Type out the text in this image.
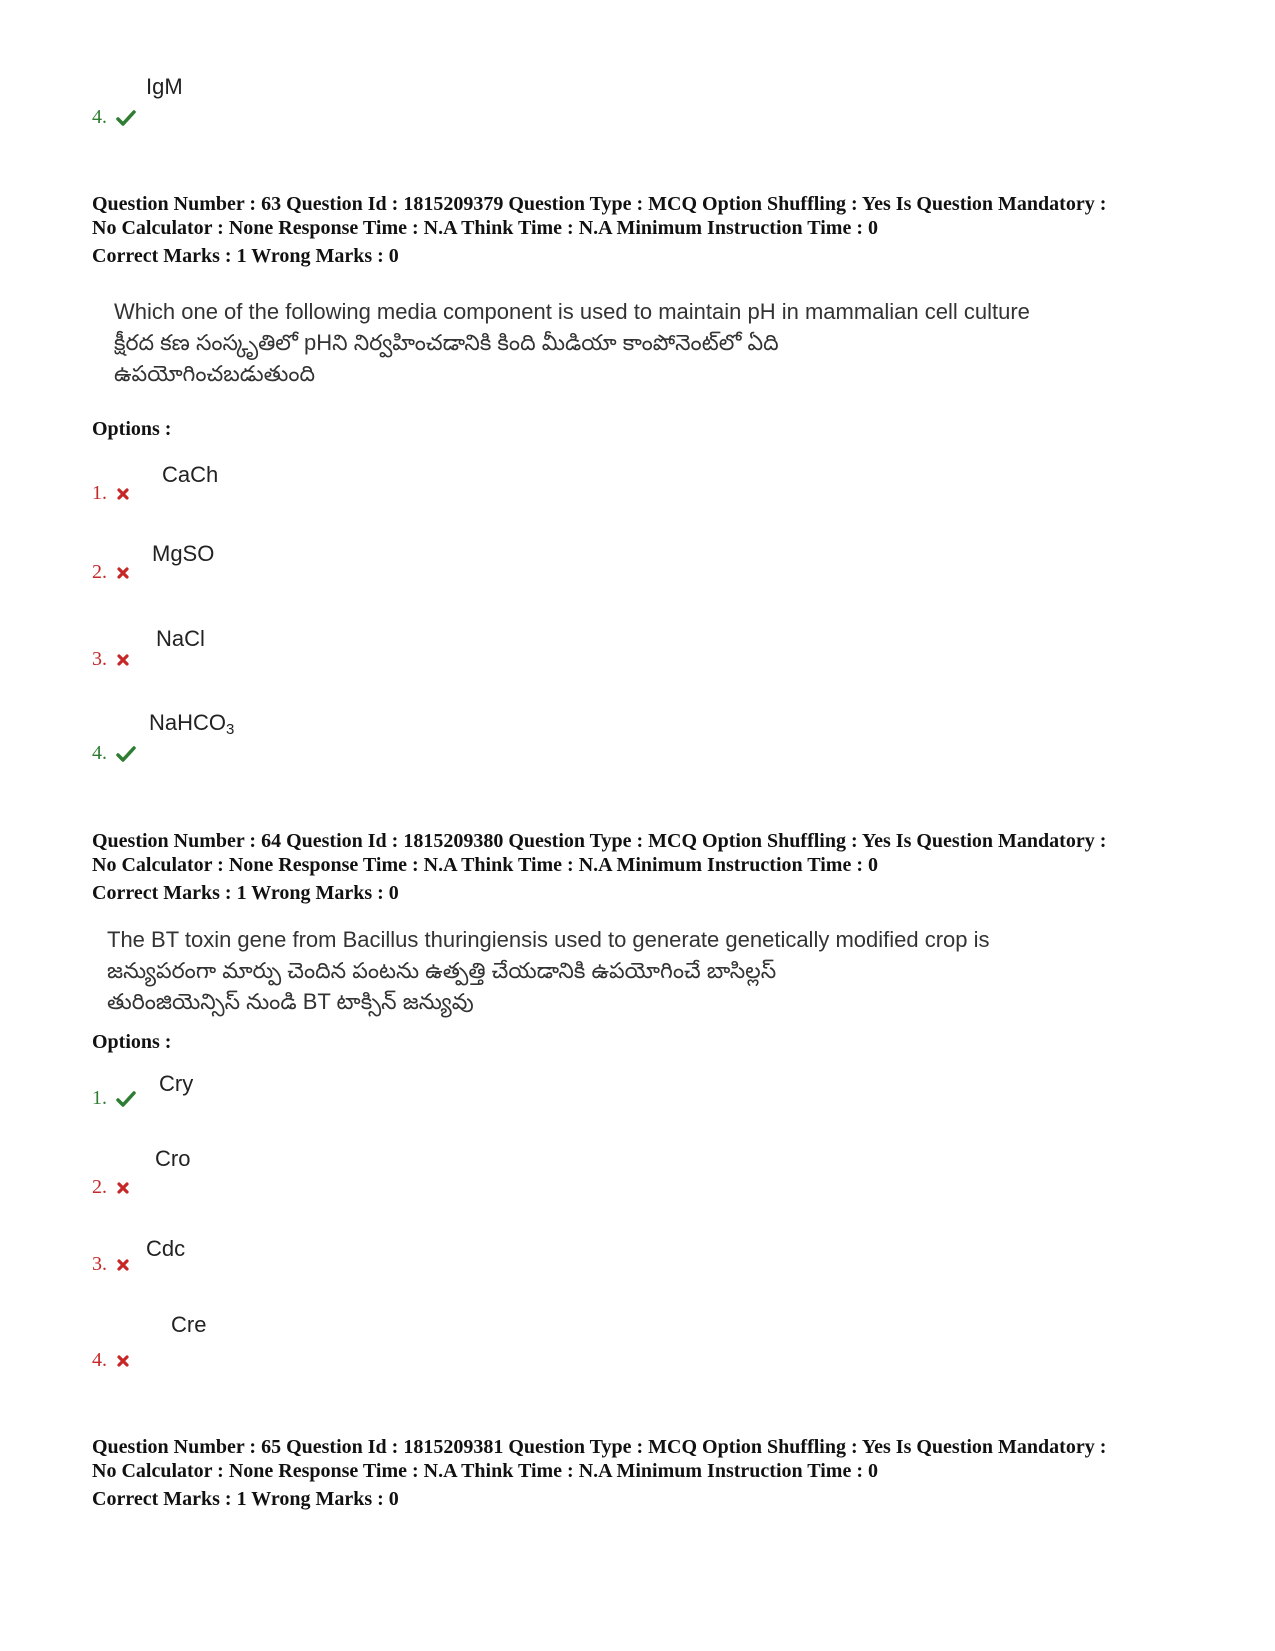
IgM
4.
Question Number : 63 Question Id : 1815209379 Question Type : MCQ Option Shuffling : Yes Is Question Mandatory :
No Calculator : None Response Time : N.A Think Time : N.A Minimum Instruction Time : 0
Correct Marks : 1 Wrong Marks : 0
Which one of the following media component is used to maintain pH in mammalian cell culture
క్షీరద కణ సంస్కృతిలో pHని నిర్వహించడానికి కింది మీడియా కాంపోనెంట్‌లో ఏది
ఉపయోగించబడుతుంది
Options :
CaCh
1.
MgSO
2.
NaCl
3.
NaHCO$_3$
4.
Question Number : 64 Question Id : 1815209380 Question Type : MCQ Option Shuffling : Yes Is Question Mandatory :
No Calculator : None Response Time : N.A Think Time : N.A Minimum Instruction Time : 0
Correct Marks : 1 Wrong Marks : 0
The BT toxin gene from Bacillus thuringiensis used to generate genetically modified crop is
జన్యుపరంగా మార్పు చెందిన పంటను ఉత్పత్తి చేయడానికి ఉపయోగించే బాసిల్లస్
తురింజియెన్సిస్ నుండి BT టాక్సిన్ జన్యువు
Options :
Cry
1.
Cro
2.
Cdc
3.
Cre
4.
Question Number : 65 Question Id : 1815209381 Question Type : MCQ Option Shuffling : Yes Is Question Mandatory :
No Calculator : None Response Time : N.A Think Time : N.A Minimum Instruction Time : 0
Correct Marks : 1 Wrong Marks : 0
